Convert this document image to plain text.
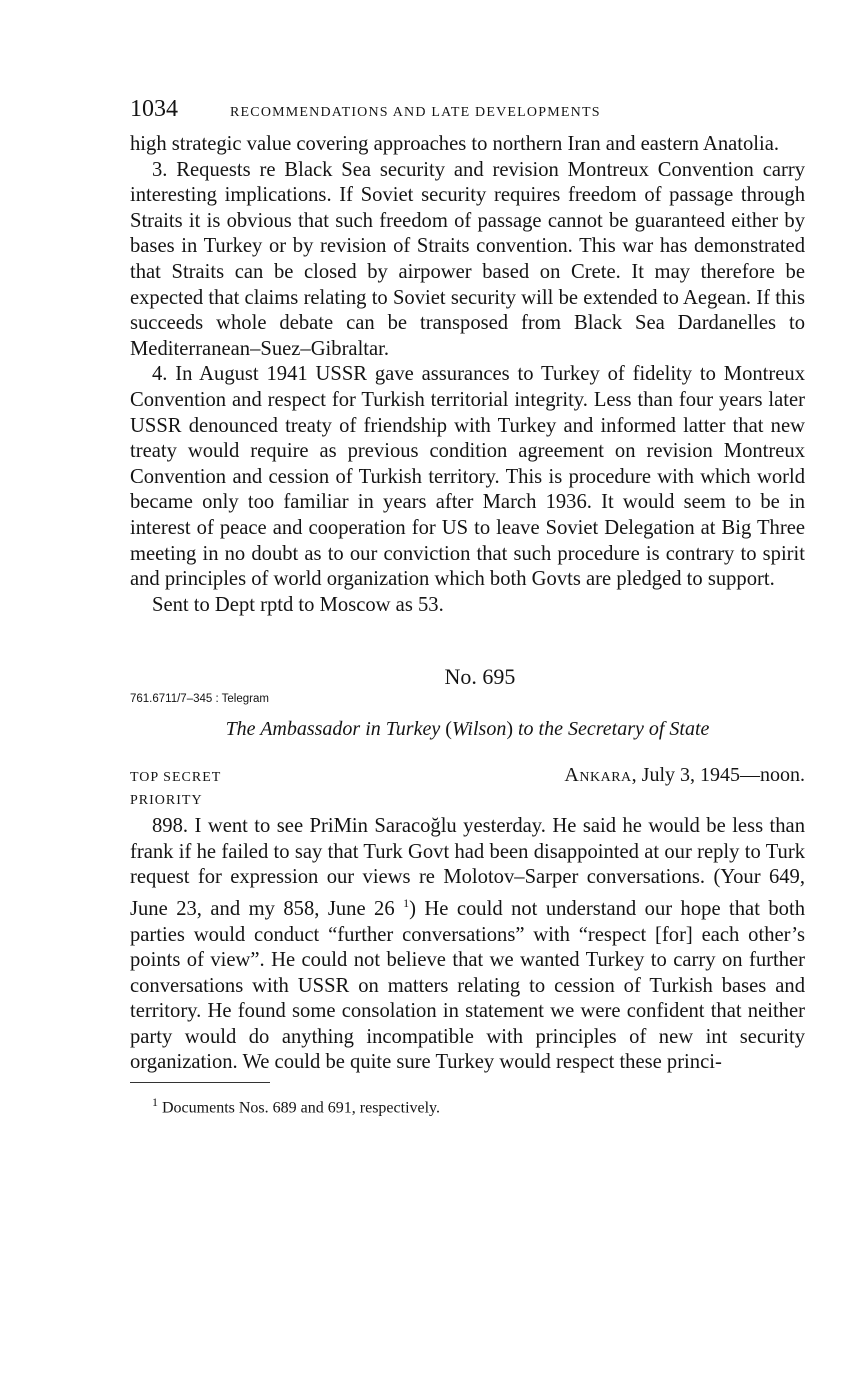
1034	RECOMMENDATIONS AND LATE DEVELOPMENTS

high strategic value covering approaches to northern Iran and eastern Anatolia.

3. Requests re Black Sea security and revision Montreux Convention carry interesting implications. If Soviet security requires freedom of passage through Straits it is obvious that such freedom of passage cannot be guaranteed either by bases in Turkey or by revision of Straits convention. This war has demonstrated that Straits can be closed by airpower based on Crete. It may therefore be expected that claims relating to Soviet security will be extended to Aegean. If this succeeds whole debate can be transposed from Black Sea Dardanelles to Mediterranean–Suez–Gibraltar.

4. In August 1941 USSR gave assurances to Turkey of fidelity to Montreux Convention and respect for Turkish territorial integrity. Less than four years later USSR denounced treaty of friendship with Turkey and informed latter that new treaty would require as previous condition agreement on revision Montreux Convention and cession of Turkish territory. This is procedure with which world became only too familiar in years after March 1936. It would seem to be in interest of peace and cooperation for US to leave Soviet Delegation at Big Three meeting in no doubt as to our conviction that such procedure is contrary to spirit and principles of world organization which both Govts are pledged to support.

Sent to Dept rptd to Moscow as 53.

No. 695
761.6711/7–345 : Telegram
The Ambassador in Turkey (Wilson) to the Secretary of State
TOP SECRET	Ankara, July 3, 1945—noon.
PRIORITY

898. I went to see PriMin Saracoğlu yesterday. He said he would be less than frank if he failed to say that Turk Govt had been disappointed at our reply to Turk request for expression our views re Molotov–Sarper conversations. (Your 649, June 23, and my 858, June 26 $^1$) He could not understand our hope that both parties would conduct “further conversations” with “respect [for] each other’s points of view”. He could not believe that we wanted Turkey to carry on further conversations with USSR on matters relating to cession of Turkish bases and territory. He found some consolation in statement we were confident that neither party would do anything incompatible with principles of new int security organization. We could be quite sure Turkey would respect these princi-

$^1$ Documents Nos. 689 and 691, respectively.
